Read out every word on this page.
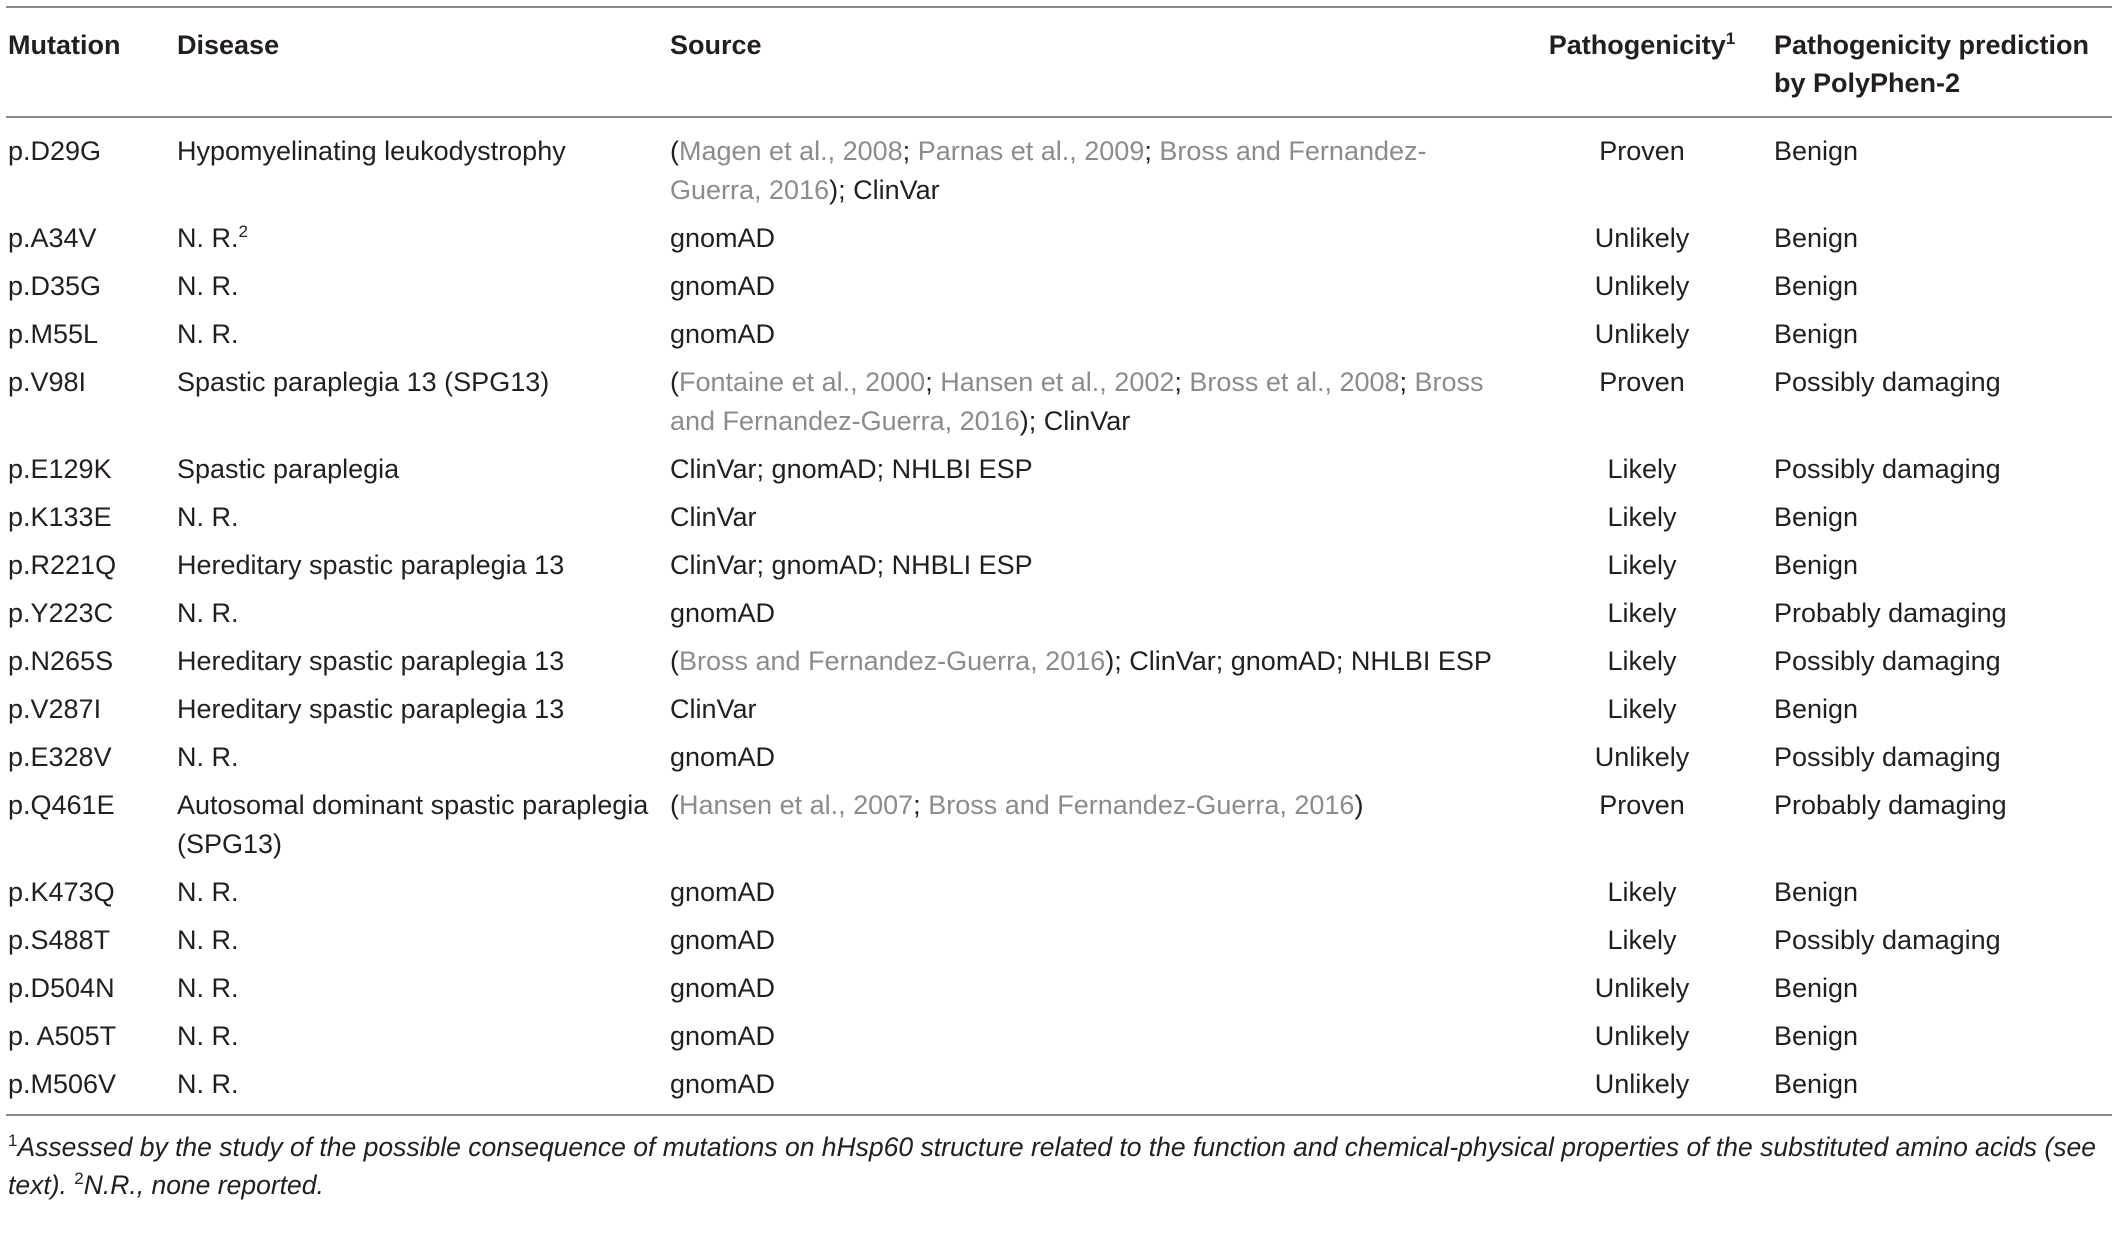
Mutation	Disease	Source	Pathogenicity$^1$	Pathogenicity prediction
by PolyPhen-2
p.D29G	Hypomyelinating leukodystrophy	(Magen et al., 2008; Parnas et al., 2009; Bross and Fernandez-Guerra, 2016); ClinVar	Proven	Benign
p.A34V	N. R.$^2$	gnomAD	Unlikely	Benign
p.D35G	N. R.	gnomAD	Unlikely	Benign
p.M55L	N. R.	gnomAD	Unlikely	Benign
p.V98I	Spastic paraplegia 13 (SPG13)	(Fontaine et al., 2000; Hansen et al., 2002; Bross et al., 2008; Bross and Fernandez-Guerra, 2016); ClinVar	Proven	Possibly damaging
p.E129K	Spastic paraplegia	ClinVar; gnomAD; NHLBI ESP	Likely	Possibly damaging
p.K133E	N. R.	ClinVar	Likely	Benign
p.R221Q	Hereditary spastic paraplegia 13	ClinVar; gnomAD; NHBLI ESP	Likely	Benign
p.Y223C	N. R.	gnomAD	Likely	Probably damaging
p.N265S	Hereditary spastic paraplegia 13	(Bross and Fernandez-Guerra, 2016); ClinVar; gnomAD; NHLBI ESP	Likely	Possibly damaging
p.V287I	Hereditary spastic paraplegia 13	ClinVar	Likely	Benign
p.E328V	N. R.	gnomAD	Unlikely	Possibly damaging
p.Q461E	Autosomal dominant spastic paraplegia (SPG13)	(Hansen et al., 2007; Bross and Fernandez-Guerra, 2016)	Proven	Probably damaging
p.K473Q	N. R.	gnomAD	Likely	Benign
p.S488T	N. R.	gnomAD	Likely	Possibly damaging
p.D504N	N. R.	gnomAD	Unlikely	Benign
p. A505T	N. R.	gnomAD	Unlikely	Benign
p.M506V	N. R.	gnomAD	Unlikely	Benign
$^1$Assessed by the study of the possible consequence of mutations on hHsp60 structure related to the function and chemical-physical properties of the substituted amino acids (see text). $^2$N.R., none reported.
